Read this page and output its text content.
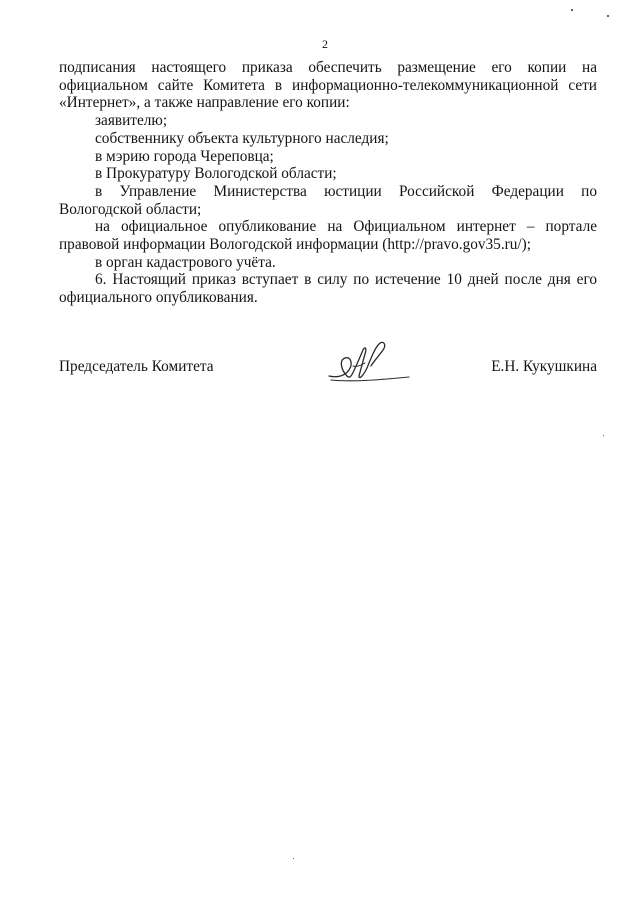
2

подписания настоящего приказа обеспечить размещение его копии на официальном сайте Комитета в информационно-телекоммуникационной сети «Интернет», а также направление его копии:

заявителю;

собственнику объекта культурного наследия;

в мэрию города Череповца;

в Прокуратуру Вологодской области;

в Управление Министерства юстиции Российской Федерации по Вологодской области;

на официальное опубликование на Официальном интернет – портале правовой информации Вологодской информации (http://pravo.gov35.ru/);

в орган кадастрового учёта.

6. Настоящий приказ вступает в силу по истечение 10 дней после дня его официального опубликования.

Председатель Комитета	Е.Н. Кукушкина
